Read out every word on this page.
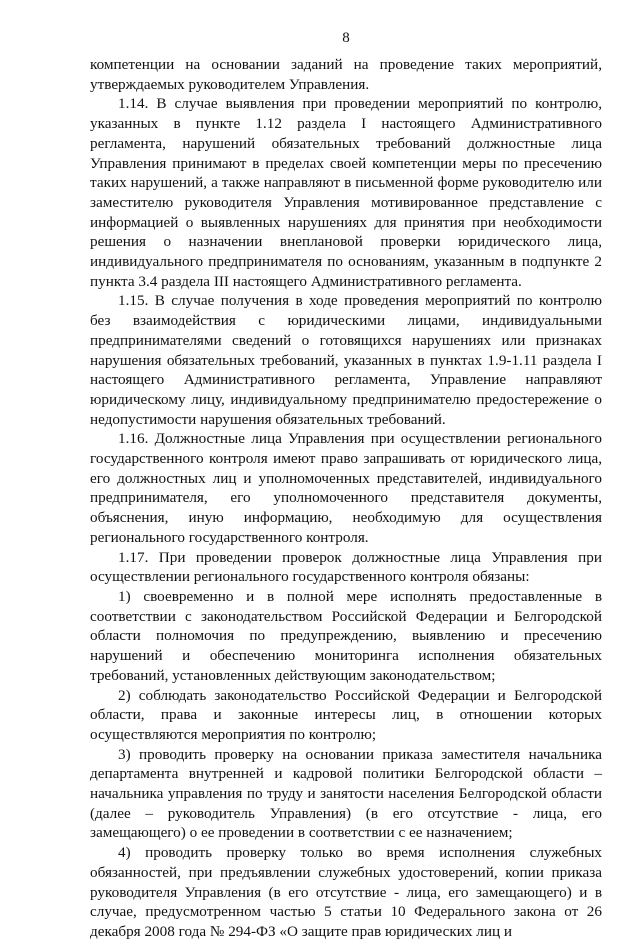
8

компетенции на основании заданий на проведение таких мероприятий, утверждаемых руководителем Управления.

1.14. В случае выявления при проведении мероприятий по контролю, указанных в пункте 1.12 раздела I настоящего Административного регламента, нарушений обязательных требований должностные лица Управления принимают в пределах своей компетенции меры по пресечению таких нарушений, а также направляют в письменной форме руководителю или заместителю руководителя Управления мотивированное представление с информацией о выявленных нарушениях для принятия при необходимости решения о назначении внеплановой проверки юридического лица, индивидуального предпринимателя по основаниям, указанным в подпункте 2 пункта 3.4 раздела III настоящего Административного регламента.

1.15. В случае получения в ходе проведения мероприятий по контролю без взаимодействия с юридическими лицами, индивидуальными предпринимателями сведений о готовящихся нарушениях или признаках нарушения обязательных требований, указанных в пунктах 1.9-1.11 раздела I настоящего Административного регламента, Управление направляют юридическому лицу, индивидуальному предпринимателю предостережение о недопустимости нарушения обязательных требований.

1.16. Должностные лица Управления при осуществлении регионального государственного контроля имеют право запрашивать от юридического лица, его должностных лиц и уполномоченных представителей, индивидуального предпринимателя, его уполномоченного представителя документы, объяснения, иную информацию, необходимую для осуществления регионального государственного контроля.

1.17. При проведении проверок должностные лица Управления при осуществлении регионального государственного контроля обязаны:

1) своевременно и в полной мере исполнять предоставленные в соответствии с законодательством Российской Федерации и Белгородской области полномочия по предупреждению, выявлению и пресечению нарушений и обеспечению мониторинга исполнения обязательных требований, установленных действующим законодательством;

2) соблюдать законодательство Российской Федерации и Белгородской области, права и законные интересы лиц, в отношении которых осуществляются мероприятия по контролю;

3) проводить проверку на основании приказа заместителя начальника департамента внутренней и кадровой политики Белгородской области – начальника управления по труду и занятости населения Белгородской области (далее – руководитель Управления) (в его отсутствие - лица, его замещающего) о ее проведении в соответствии с ее назначением;

4) проводить проверку только во время исполнения служебных обязанностей, при предъявлении служебных удостоверений, копии приказа руководителя Управления (в его отсутствие - лица, его замещающего) и в случае, предусмотренном частью 5 статьи 10 Федерального закона от 26 декабря 2008 года № 294-ФЗ «О защите прав юридических лиц и
